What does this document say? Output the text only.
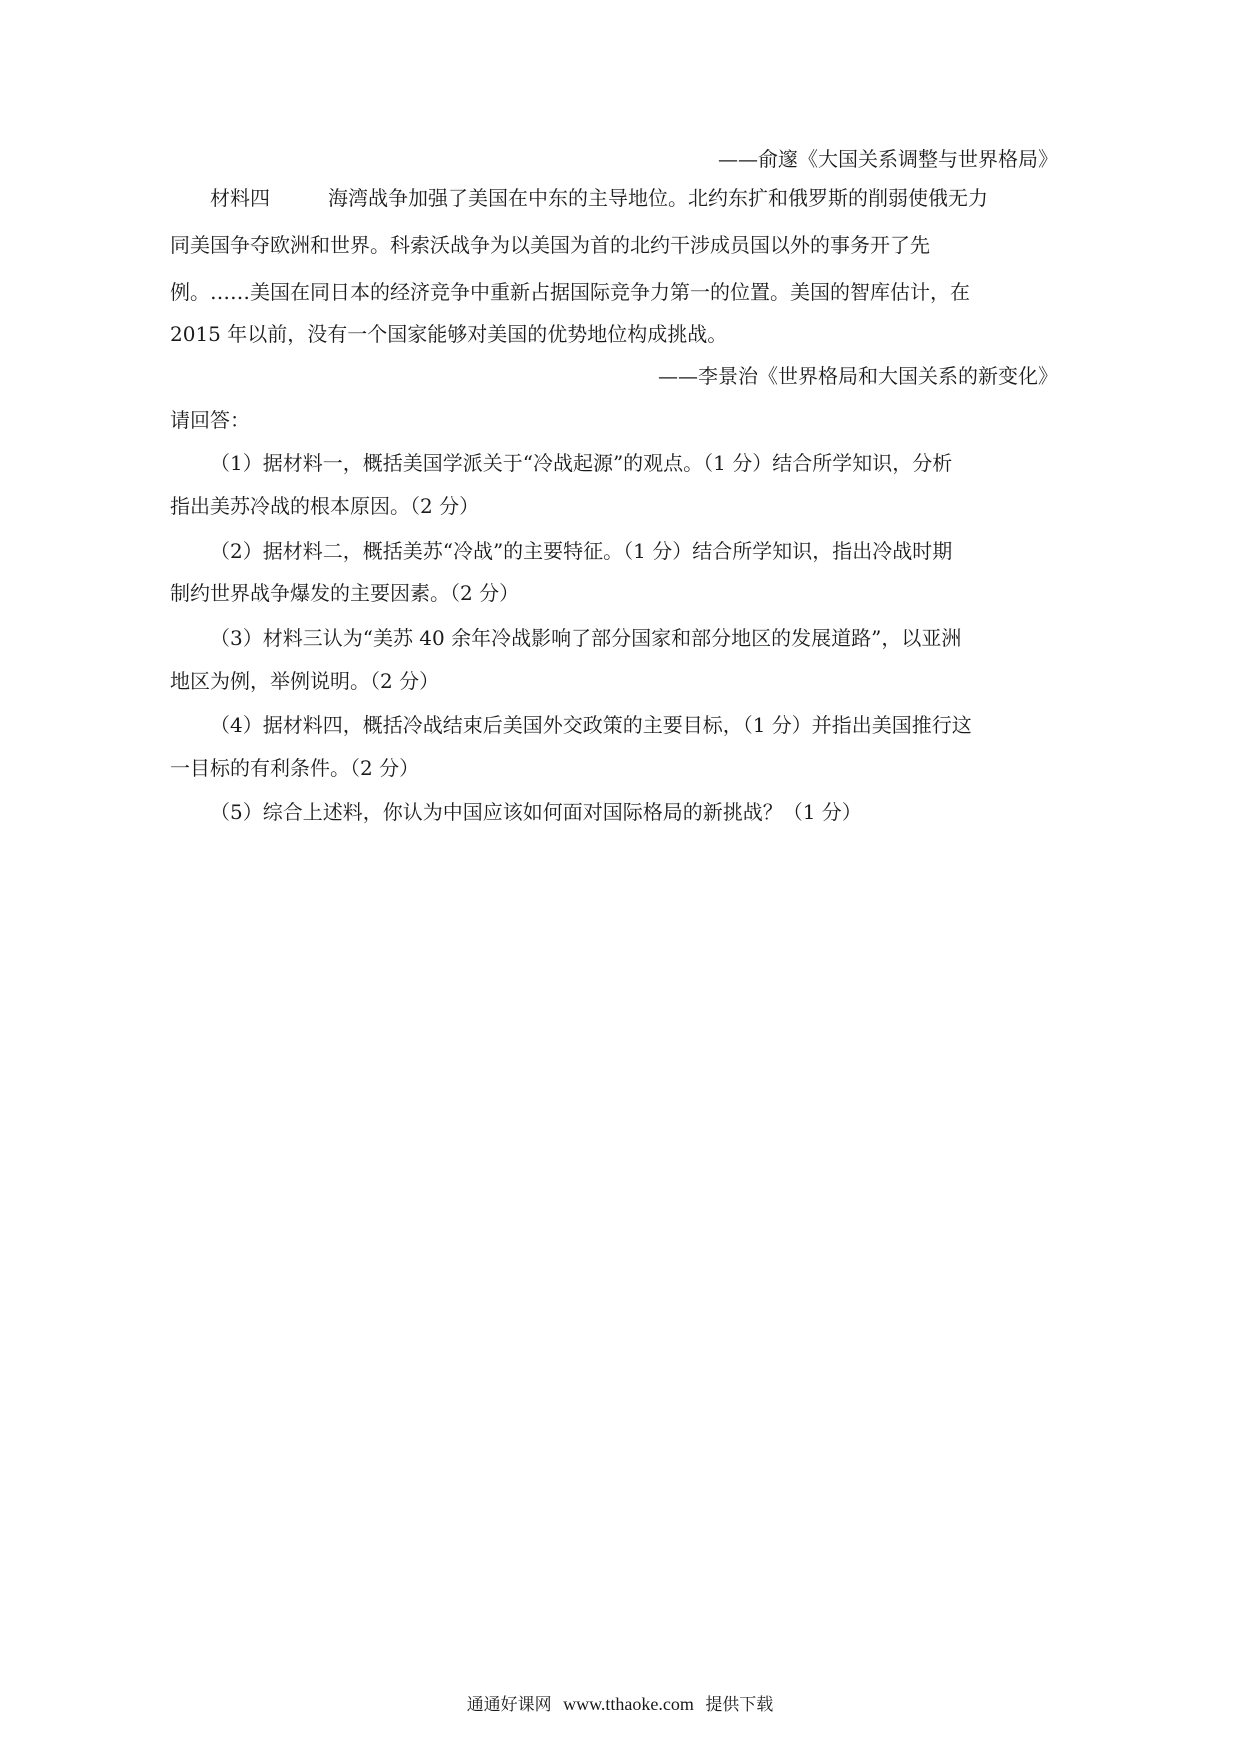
——俞邃《大国关系调整与世界格局》
材料四	海湾战争加强了美国在中东的主导地位。北约东扩和俄罗斯的削弱使俄无力
同美国争夺欧洲和世界。科索沃战争为以美国为首的北约干涉成员国以外的事务开了先
例。……美国在同日本的经济竞争中重新占据国际竞争力第一的位置。美国的智库估计，在
2015 年以前，没有一个国家能够对美国的优势地位构成挑战。
——李景治《世界格局和大国关系的新变化》
请回答：
（1）据材料一，概括美国学派关于“冷战起源”的观点。（1 分）结合所学知识，分析
指出美苏冷战的根本原因。（2 分）
（2）据材料二，概括美苏“冷战”的主要特征。（1 分）结合所学知识，指出冷战时期
制约世界战争爆发的主要因素。（2 分）
（3）材料三认为“美苏 40 余年冷战影响了部分国家和部分地区的发展道路”，以亚洲
地区为例，举例说明。（2 分）
（4）据材料四，概括冷战结束后美国外交政策的主要目标，（1 分）并指出美国推行这
一目标的有利条件。（2 分）
（5）综合上述料，你认为中国应该如何面对国际格局的新挑战？（1 分）
通通好课网 www.tthaoke.com 提供下载
